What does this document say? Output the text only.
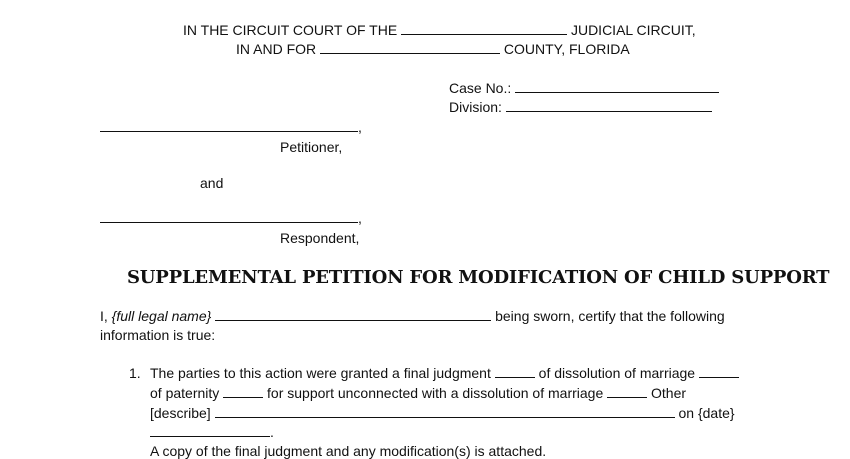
IN THE CIRCUIT COURT OF THE	JUDICIAL CIRCUIT,
IN AND FOR	COUNTY, FLORIDA
Case No.:
Division:
,
Petitioner,
and
,
Respondent,
SUPPLEMENTAL PETITION FOR MODIFICATION OF CHILD SUPPORT
I, {full legal name}	being sworn, certify that the following
information is true:
1. The parties to this action were granted a final judgment	of dissolution of marriage
of paternity	for support unconnected with a dissolution of marriage	Other
[describe]	on {date}
.
A copy of the final judgment and any modification(s) is attached.
